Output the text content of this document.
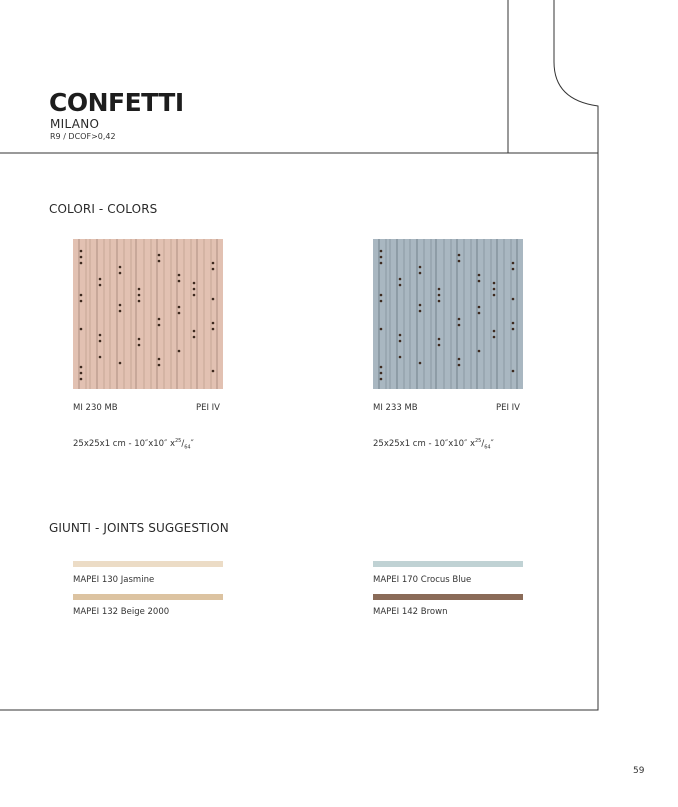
CONFETTI
MILANO
R9 / DCOF>0,42
COLORI - COLORS
MI 230 MB	PEI IV
25x25x1 cm - 10″x10″ $x^{25}/_{64}''$
MI 233 MB	PEI IV
25x25x1 cm - 10″x10″ $x^{25}/_{64}''$
GIUNTI - JOINTS SUGGESTION
MAPEI 130 Jasmine
MAPEI 132 Beige 2000
MAPEI 170 Crocus Blue
MAPEI 142 Brown
59
